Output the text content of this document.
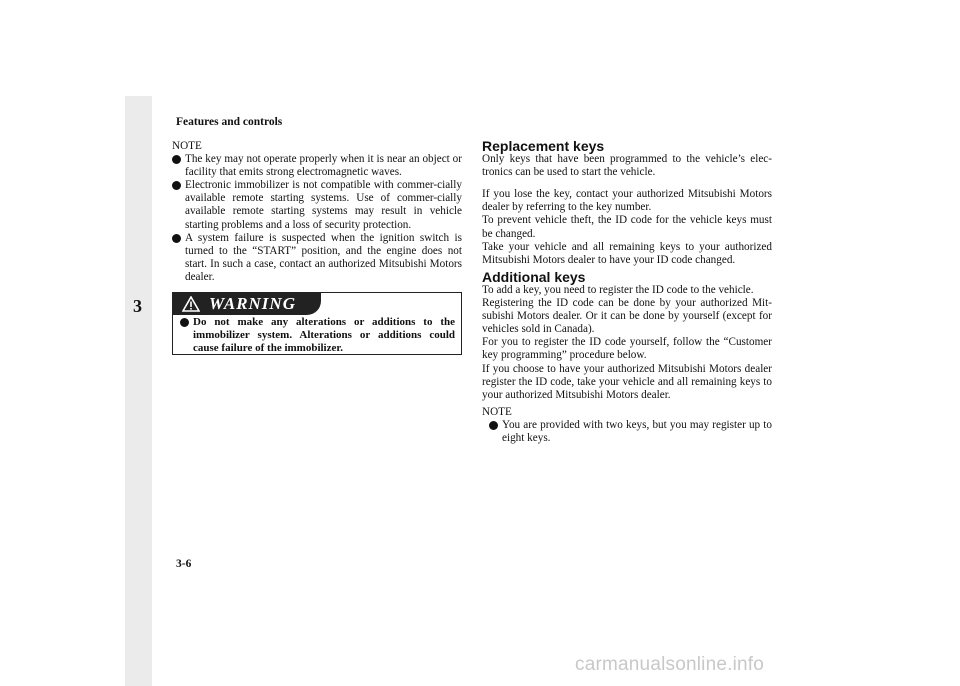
Features and controls
3

NOTE

The key may not operate properly when it is near an object or facility that emits strong electromagnetic waves.
Electronic immobilizer is not compatible with commer-cially available remote starting systems. Use of commer-cially available remote starting systems may result in vehicle starting problems and a loss of security protection.
A system failure is suspected when the ignition switch is turned to the “START” position, and the engine does not start. In such a case, contact an authorized Mitsubishi Motors dealer.
WARNING
Do not make any alterations or additions to the immobilizer system. Alterations or additions could cause failure of the immobilizer.
Replacement keys

Only keys that have been programmed to the vehicle’s elec-tronics can be used to start the vehicle.

If you lose the key, contact your authorized Mitsubishi Motors dealer by referring to the key number.

To prevent vehicle theft, the ID code for the vehicle keys must be changed.

Take your vehicle and all remaining keys to your authorized Mitsubishi Motors dealer to have your ID code changed.

Additional keys

To add a key, you need to register the ID code to the vehicle.

Registering the ID code can be done by your authorized Mit-subishi Motors dealer. Or it can be done by yourself (except for vehicles sold in Canada).

For you to register the ID code yourself, follow the “Customer key programming” procedure below.

If you choose to have your authorized Mitsubishi Motors dealer register the ID code, take your vehicle and all remaining keys to your authorized Mitsubishi Motors dealer.

NOTE

You are provided with two keys, but you may register up to eight keys.
3-6
carmanualsonline.info
